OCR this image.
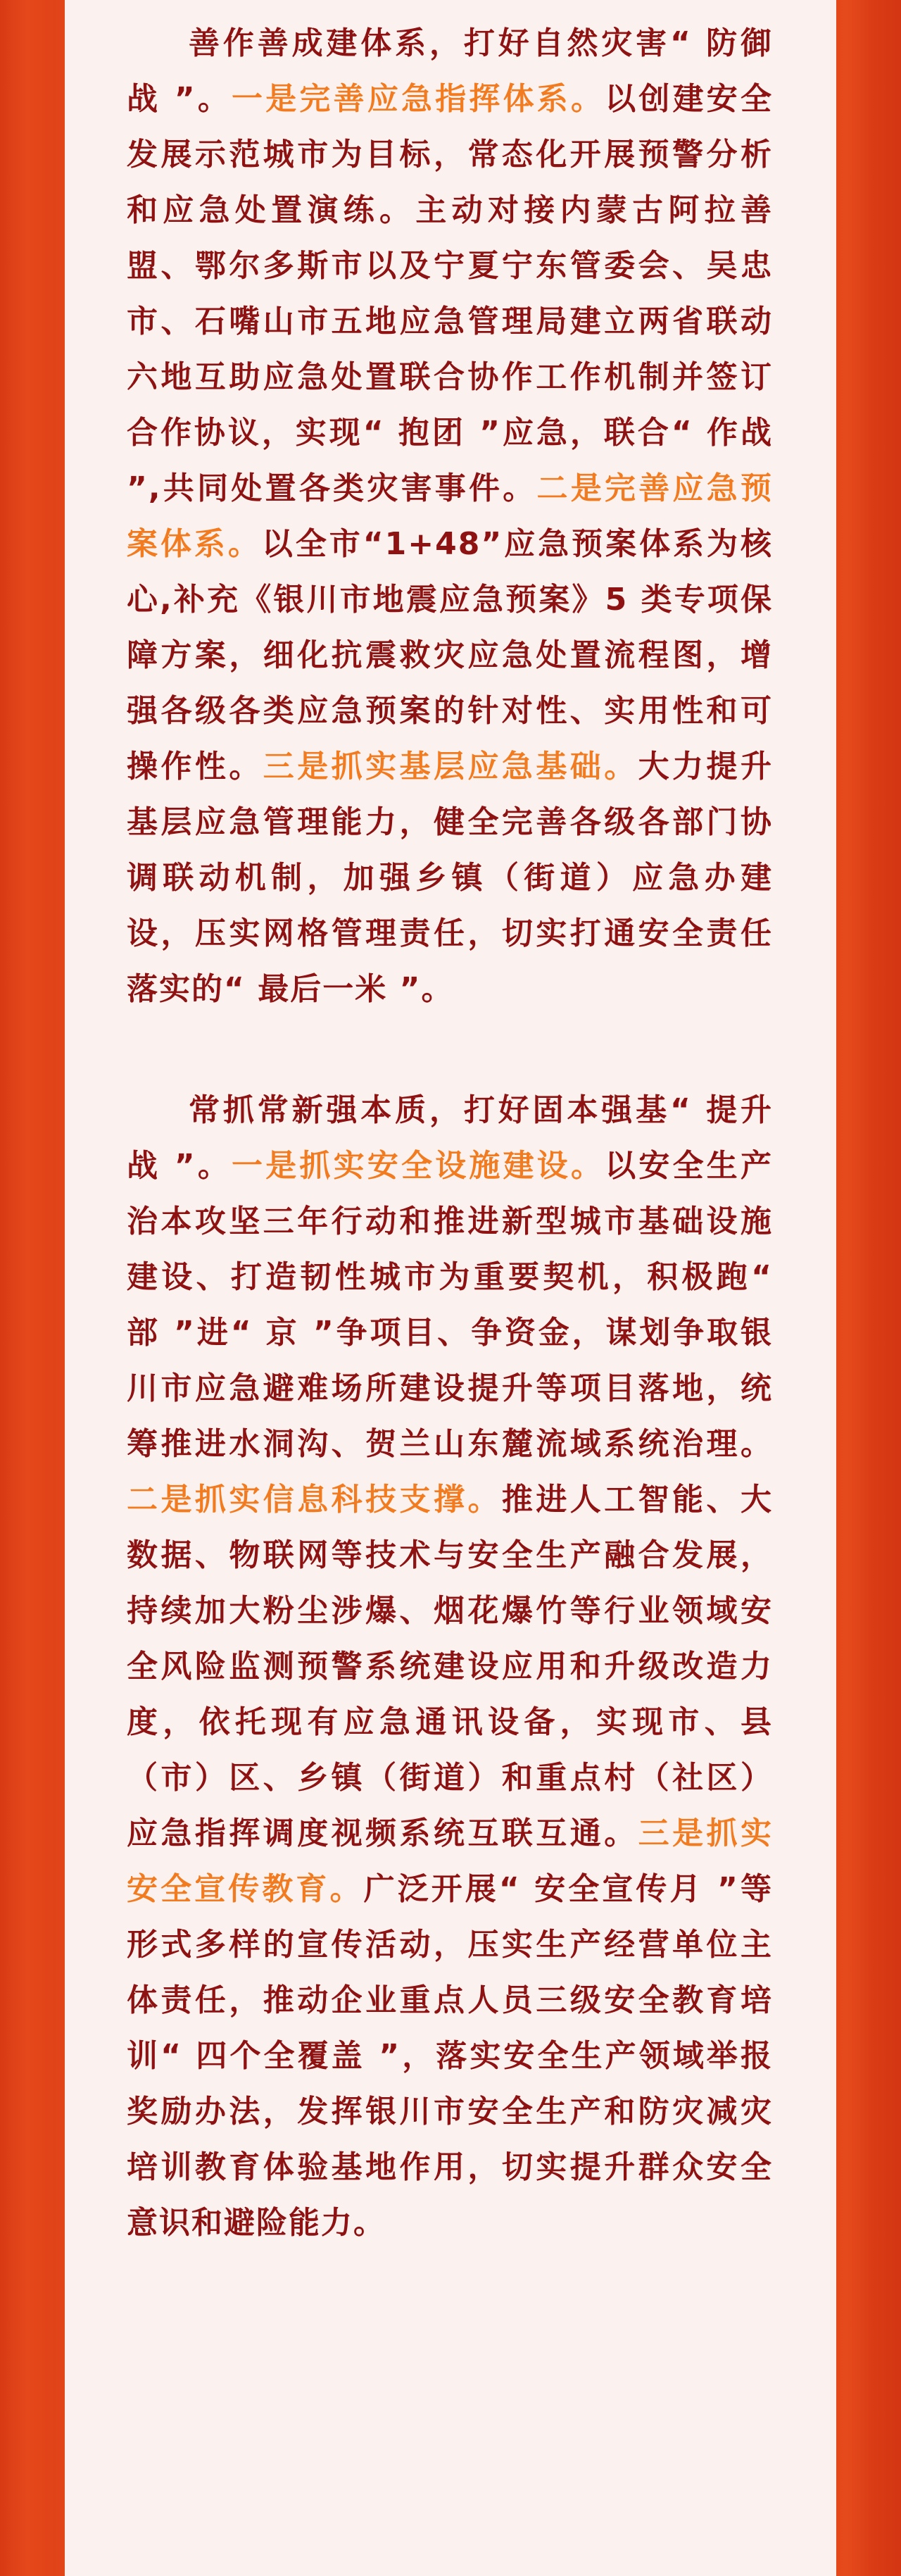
善作善成建体系，打好自然灾害“ 防御战 ”。一是完善应急指挥体系。以创建安全发展示范城市为目标，常态化开展预警分析和应急处置演练。主动对接内蒙古阿拉善盟、鄂尔多斯市以及宁夏宁东管委会、吴忠市、石嘴山市五地应急管理局建立两省联动六地互助应急处置联合协作工作机制并签订合作协议，实现“ 抱团 ”应急，联合“ 作战 ”,共同处置各类灾害事件。二是完善应急预案体系。以全市“1+48”应急预案体系为核心,补充《银川市地震应急预案》5 类专项保障方案，细化抗震救灾应急处置流程图，增强各级各类应急预案的针对性、实用性和可操作性。三是抓实基层应急基础。大力提升基层应急管理能力，健全完善各级各部门协调联动机制，加强乡镇（街道）应急办建设，压实网格管理责任，切实打通安全责任落实的“ 最后一米 ”。

常抓常新强本质，打好固本强基“ 提升战 ”。一是抓实安全设施建设。以安全生产治本攻坚三年行动和推进新型城市基础设施建设、打造韧性城市为重要契机，积极跑“ 部 ”进“ 京 ”争项目、争资金，谋划争取银川市应急避难场所建设提升等项目落地，统筹推进水洞沟、贺兰山东麓流域系统治理。二是抓实信息科技支撑。推进人工智能、大数据、物联网等技术与安全生产融合发展，持续加大粉尘涉爆、烟花爆竹等行业领域安全风险监测预警系统建设应用和升级改造力度，依托现有应急通讯设备，实现市、县（市）区、乡镇（街道）和重点村（社区）应急指挥调度视频系统互联互通。三是抓实安全宣传教育。广泛开展“ 安全宣传月 ”等形式多样的宣传活动，压实生产经营单位主体责任，推动企业重点人员三级安全教育培训“ 四个全覆盖 ”，落实安全生产领域举报奖励办法，发挥银川市安全生产和防灾减灾培训教育体验基地作用，切实提升群众安全意识和避险能力。
